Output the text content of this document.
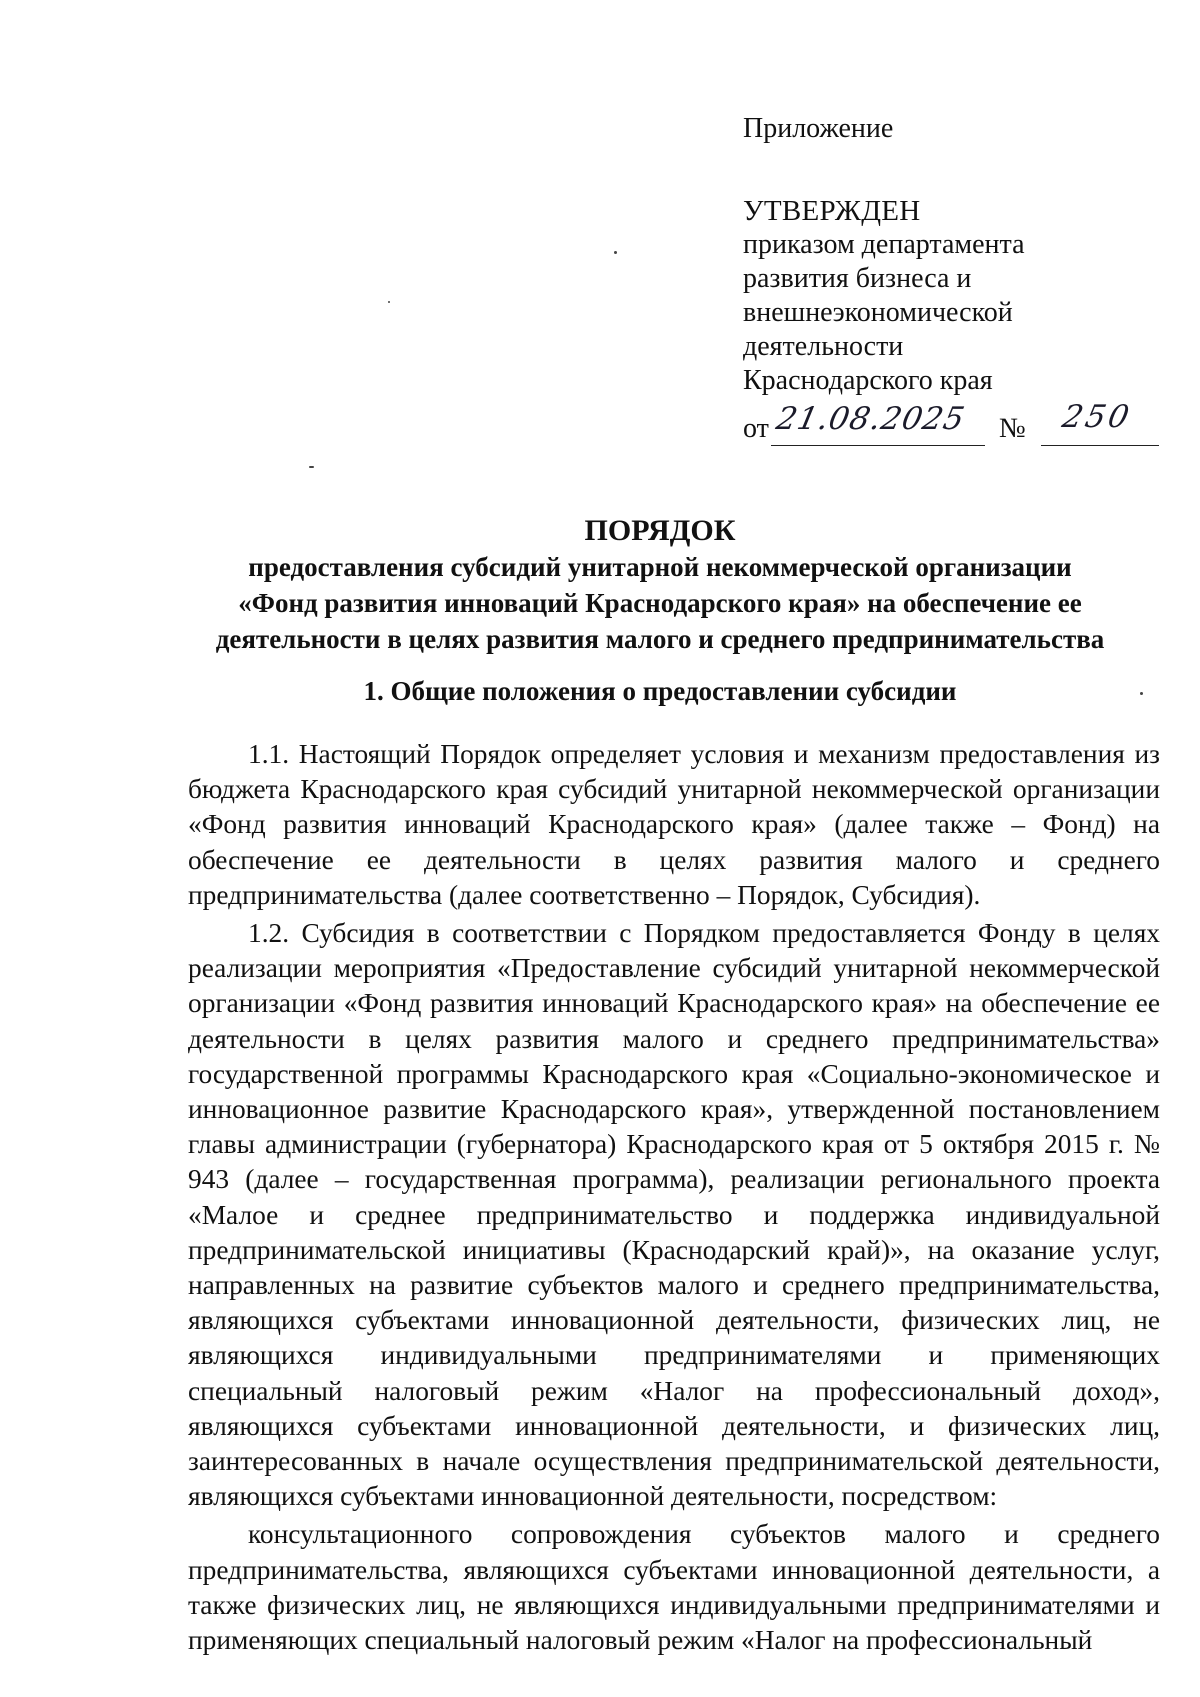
Приложение
УТВЕРЖДЕН
приказом департамента
развития бизнеса и
внешнеэкономической
деятельности
Краснодарского края
от 21.08.2025 № 250
ПОРЯДОК
предоставления субсидий унитарной некоммерческой организации
«Фонд развития инноваций Краснодарского края» на обеспечение ее
деятельности в целях развития малого и среднего предпринимательства
1. Общие положения о предоставлении субсидии

1.1. Настоящий Порядок определяет условия и механизм предоставления из бюджета Краснодарского края субсидий унитарной некоммерческой организации «Фонд развития инноваций Краснодарского края» (далее также – Фонд) на обеспечение ее деятельности в целях развития малого и среднего предпринимательства (далее соответственно – Порядок, Субсидия).

1.2. Субсидия в соответствии с Порядком предоставляется Фонду в целях реализации мероприятия «Предоставление субсидий унитарной некоммерческой организации «Фонд развития инноваций Краснодарского края» на обеспечение ее деятельности в целях развития малого и среднего предпринимательства» государственной программы Краснодарского края «Социально-экономическое и инновационное развитие Краснодарского края», утвержденной постановлением главы администрации (губернатора) Краснодарского края от 5 октября 2015 г. № 943 (далее – государственная программа), реализации регионального проекта «Малое и среднее предпринимательство и поддержка индивидуальной предпринимательской инициативы (Краснодарский край)», на оказание услуг, направленных на развитие субъектов малого и среднего предпринимательства, являющихся субъектами инновационной деятельности, физических лиц, не являющихся индивидуальными предпринимателями и применяющих специальный налоговый режим «Налог на профессиональный доход», являющихся субъектами инновационной деятельности, и физических лиц, заинтересованных в начале осуществления предпринимательской деятельности, являющихся субъектами инновационной деятельности, посредством:

консультационного сопровождения субъектов малого и среднего предпринимательства, являющихся субъектами инновационной деятельности, а также физических лиц, не являющихся индивидуальными предпринимателями и применяющих специальный налоговый режим «Налог на профессиональный
